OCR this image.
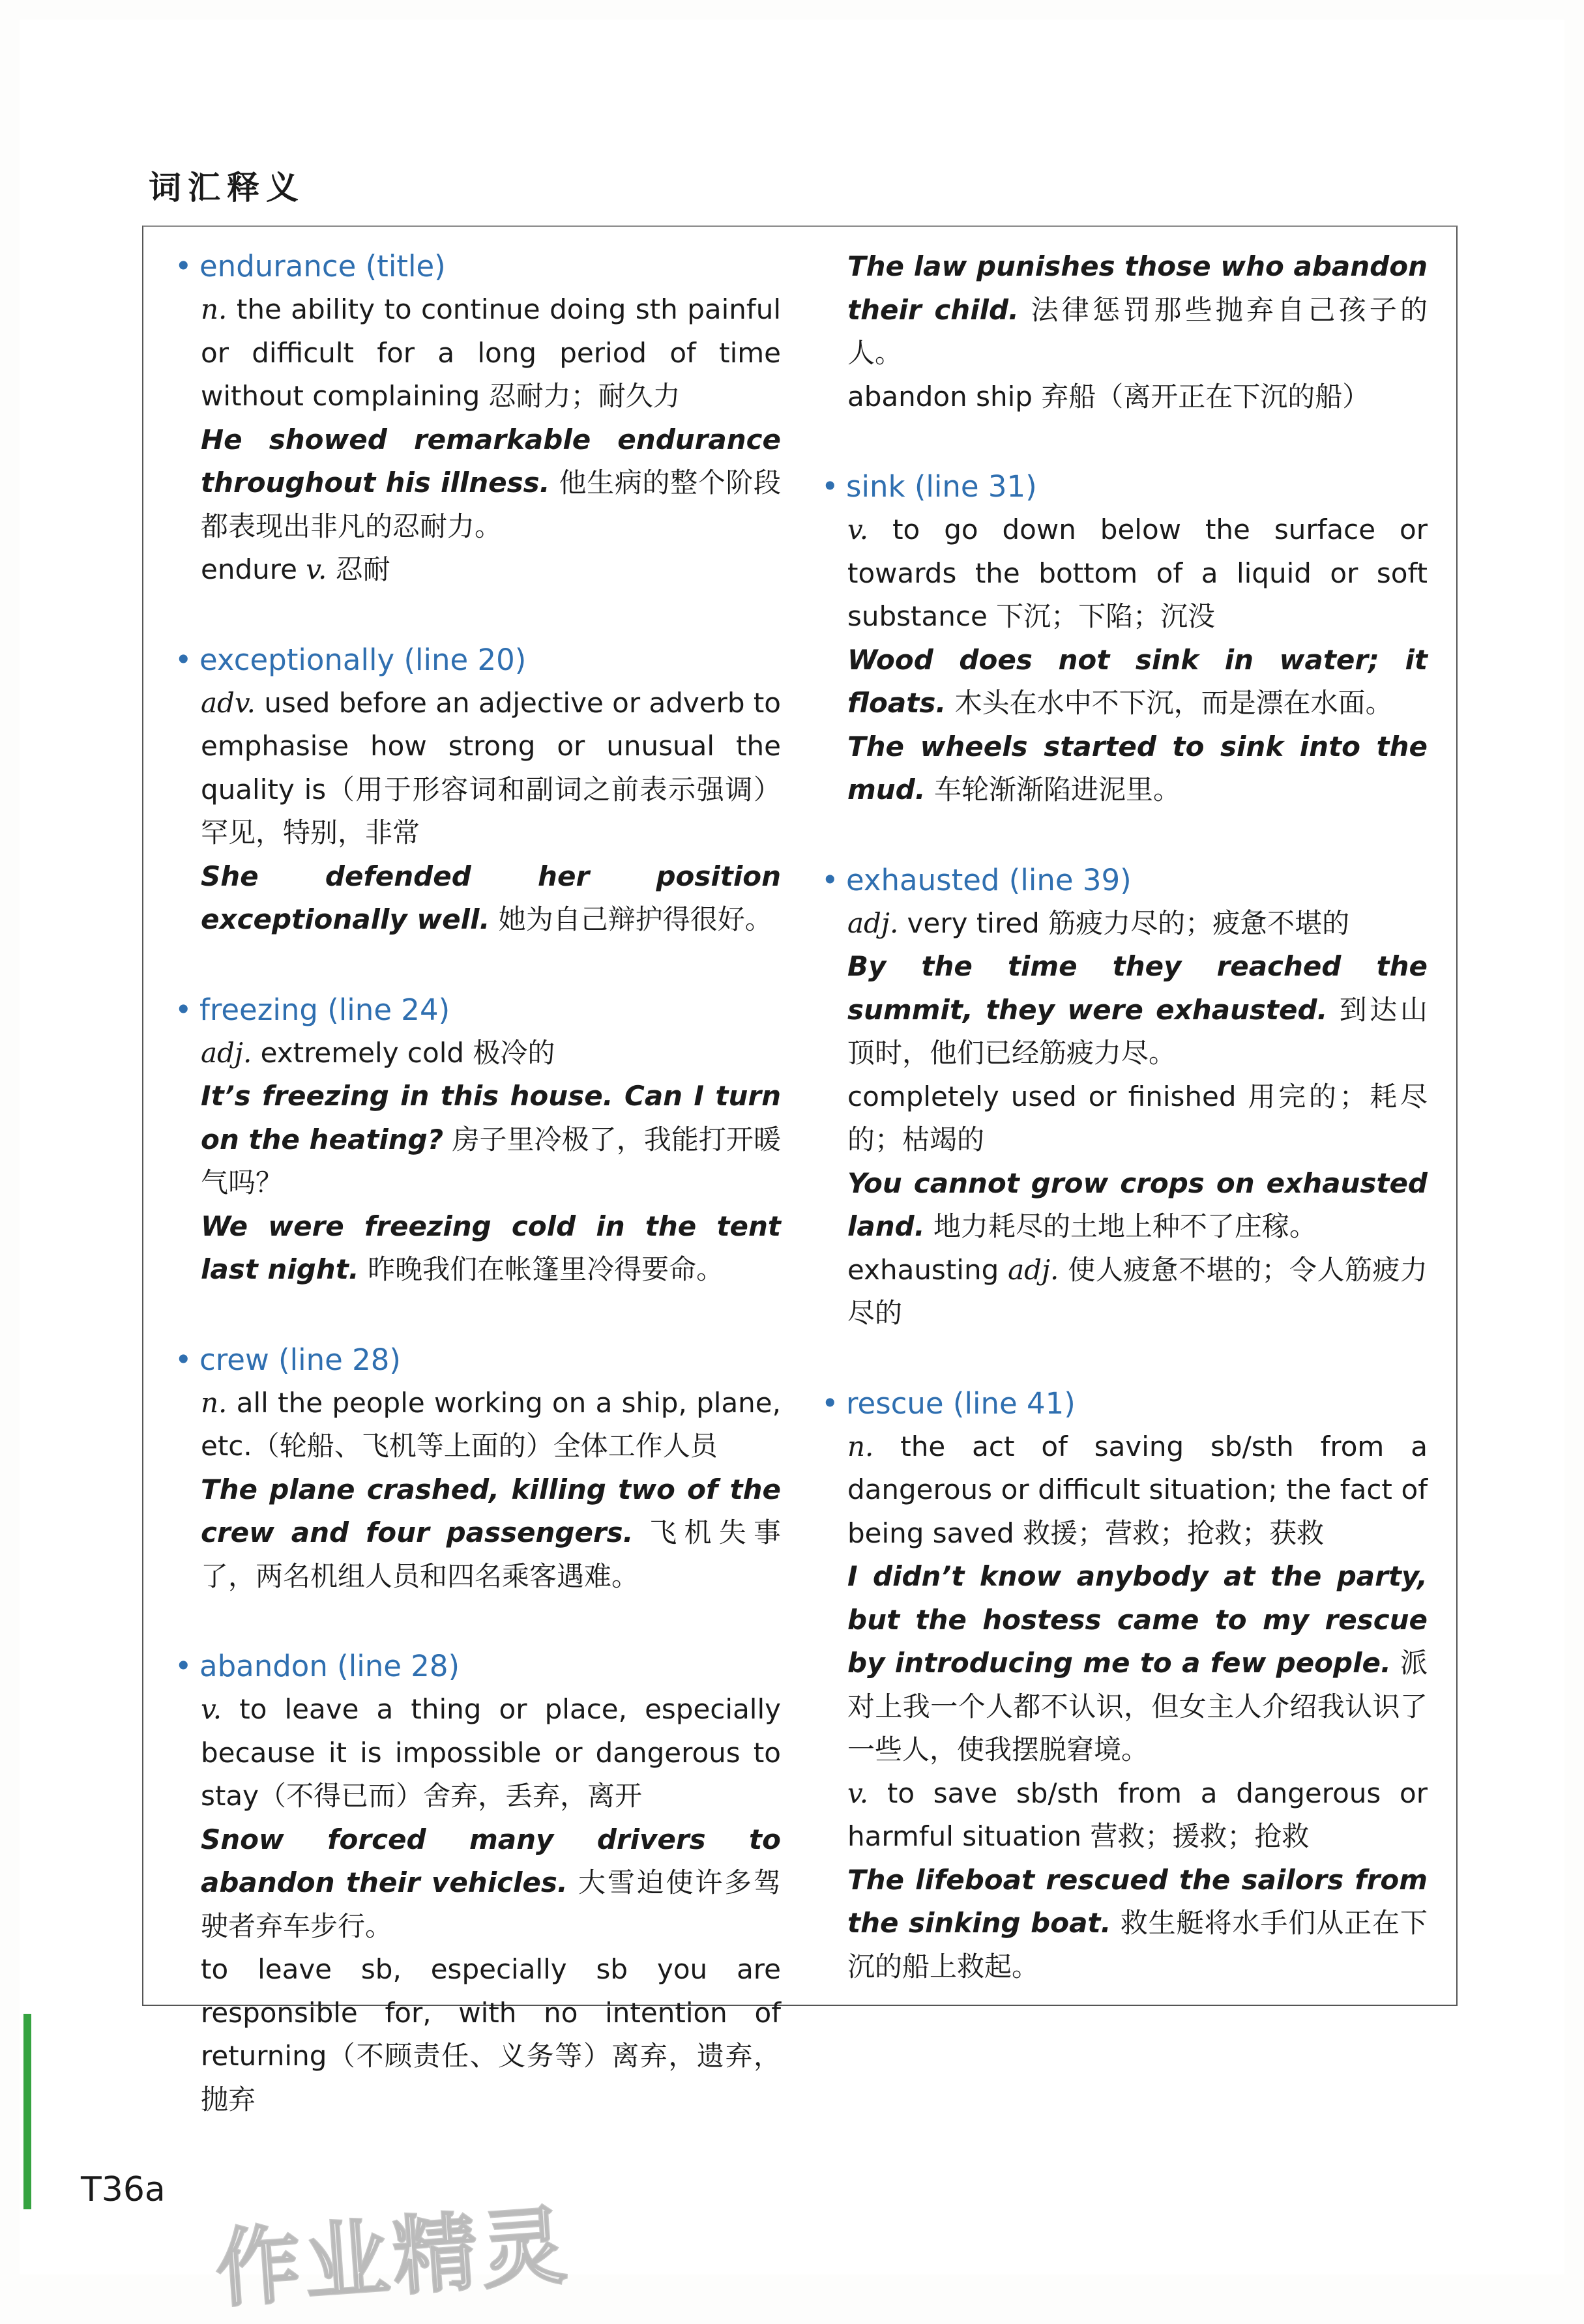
词汇释义
• endurance (title)

n. the ability to continue doing sth painful or difficult for a long period of time without complaining 忍耐力；耐久力

He showed remarkable endurance throughout his illness. 他生病的整个阶段都表现出非凡的忍耐力。

endure v. 忍耐

• exceptionally (line 20)

adv. used before an adjective or adverb to emphasise how strong or unusual the quality is（用于形容词和副词之前表示强调）罕见，特别，非常

She defended her position exceptionally well. 她为自己辩护得很好。

• freezing (line 24)

adj. extremely cold 极冷的

It’s freezing in this house. Can I turn on the heating? 房子里冷极了，我能打开暖气吗？

We were freezing cold in the tent last night. 昨晚我们在帐篷里冷得要命。

• crew (line 28)

n. all the people working on a ship, plane, etc.（轮船、飞机等上面的）全体工作人员

The plane crashed, killing two of the crew and four passengers. 飞机失事了，两名机组人员和四名乘客遇难。

• abandon (line 28)

v. to leave a thing or place, especially because it is impossible or dangerous to stay（不得已而）舍弃，丢弃，离开

Snow forced many drivers to abandon their vehicles. 大雪迫使许多驾驶者弃车步行。

to leave sb, especially sb you are responsible for, with no intention of returning（不顾责任、义务等）离弃，遗弃，抛弃

The law punishes those who abandon their child. 法律惩罚那些抛弃自己孩子的人。

abandon ship 弃船（离开正在下沉的船）

• sink (line 31)

v. to go down below the surface or towards the bottom of a liquid or soft substance 下沉；下陷；沉没

Wood does not sink in water; it floats. 木头在水中不下沉，而是漂在水面。

The wheels started to sink into the mud. 车轮渐渐陷进泥里。

• exhausted (line 39)

adj. very tired 筋疲力尽的；疲惫不堪的

By the time they reached the summit, they were exhausted. 到达山顶时，他们已经筋疲力尽。

completely used or finished 用完的；耗尽的；枯竭的

You cannot grow crops on exhausted land. 地力耗尽的土地上种不了庄稼。

exhausting adj. 使人疲惫不堪的；令人筋疲力尽的

• rescue (line 41)

n. the act of saving sb/sth from a dangerous or difficult situation; the fact of being saved 救援；营救；抢救；获救

I didn’t know anybody at the party, but the hostess came to my rescue by introducing me to a few people. 派对上我一个人都不认识，但女主人介绍我认识了一些人，使我摆脱窘境。

v. to save sb/sth from a dangerous or harmful situation 营救；援救；抢救

The lifeboat rescued the sailors from the sinking boat. 救生艇将水手们从正在下沉的船上救起。

T36a
作业精灵
